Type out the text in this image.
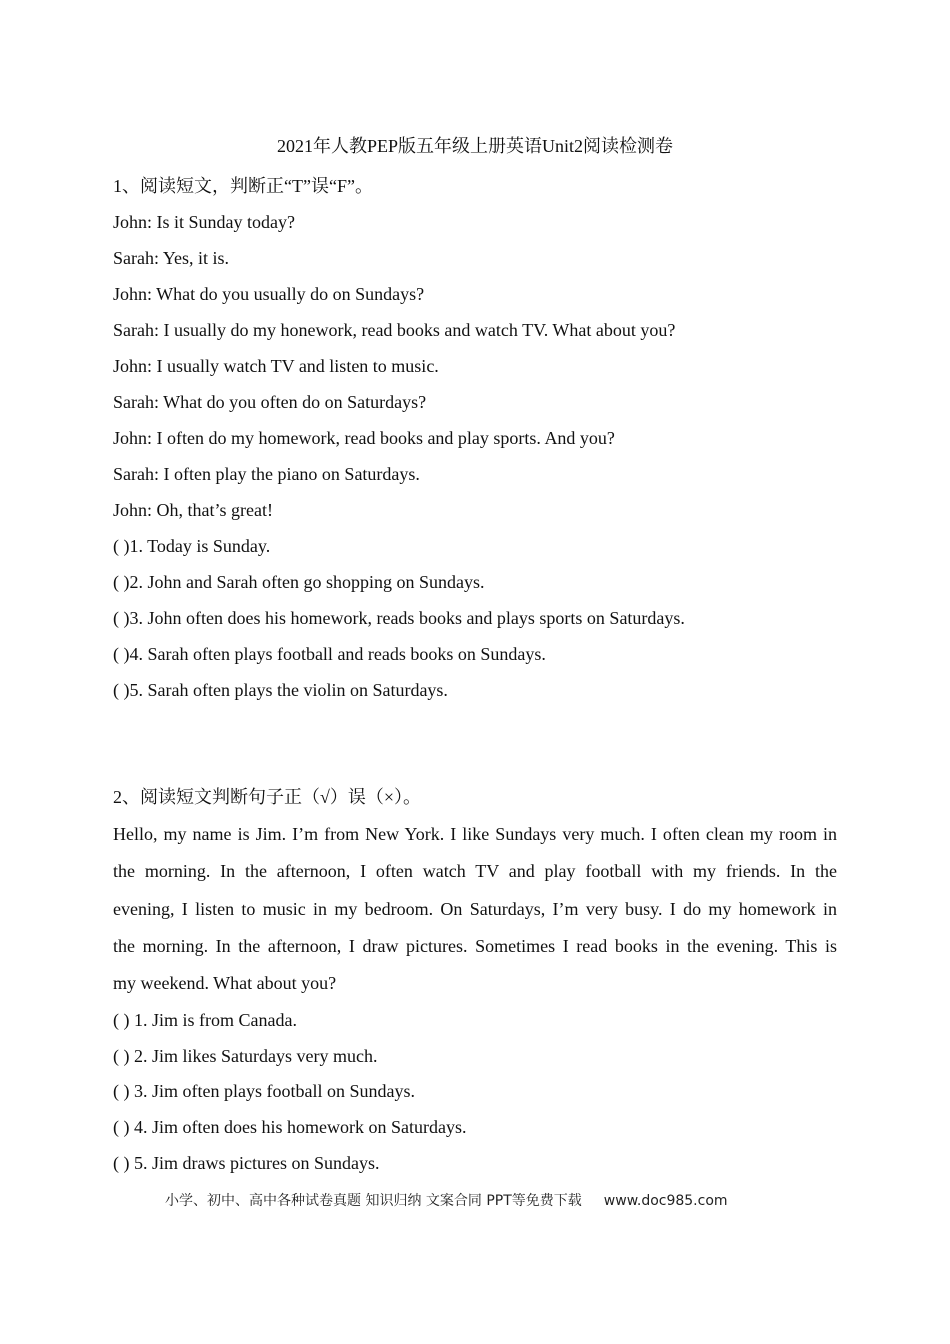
2021年人教PEP版五年级上册英语Unit2阅读检测卷
1、阅读短文，判断正“T”误“F”。
John: Is it Sunday today?
Sarah: Yes, it is.
John: What do you usually do on Sundays?
Sarah: I usually do my honework, read books and watch TV. What about you?
John: I usually watch TV and listen to music.
Sarah: What do you often do on Saturdays?
John: I often do my homework, read books and play sports. And you?
Sarah: I often play the piano on Saturdays.
John: Oh, that’s great!
( )1. Today is Sunday.
( )2. John and Sarah often go shopping on Sundays.
( )3. John often does his homework, reads books and plays sports on Saturdays.
( )4. Sarah often plays football and reads books on Sundays.
( )5. Sarah often plays the violin on Saturdays.
2、阅读短文判断句子正（√）误（×）。
Hello, my name is Jim. I’m from New York. I like Sundays very much. I often clean my room in
the morning. In the afternoon, I often watch TV and play football with my friends. In the
evening, I listen to music in my bedroom. On Saturdays, I’m very busy. I do my homework in
the morning. In the afternoon, I draw pictures. Sometimes I read books in the evening. This is
my weekend. What about you?
( ) 1. Jim is from Canada.
( ) 2. Jim likes Saturdays very much.
( ) 3. Jim often plays football on Sundays.
( ) 4. Jim often does his homework on Saturdays.
( ) 5. Jim draws pictures on Sundays.
小学、初中、高中各种试卷真题 知识归纳 文案合同 PPT等免费下载 www.doc985.com
